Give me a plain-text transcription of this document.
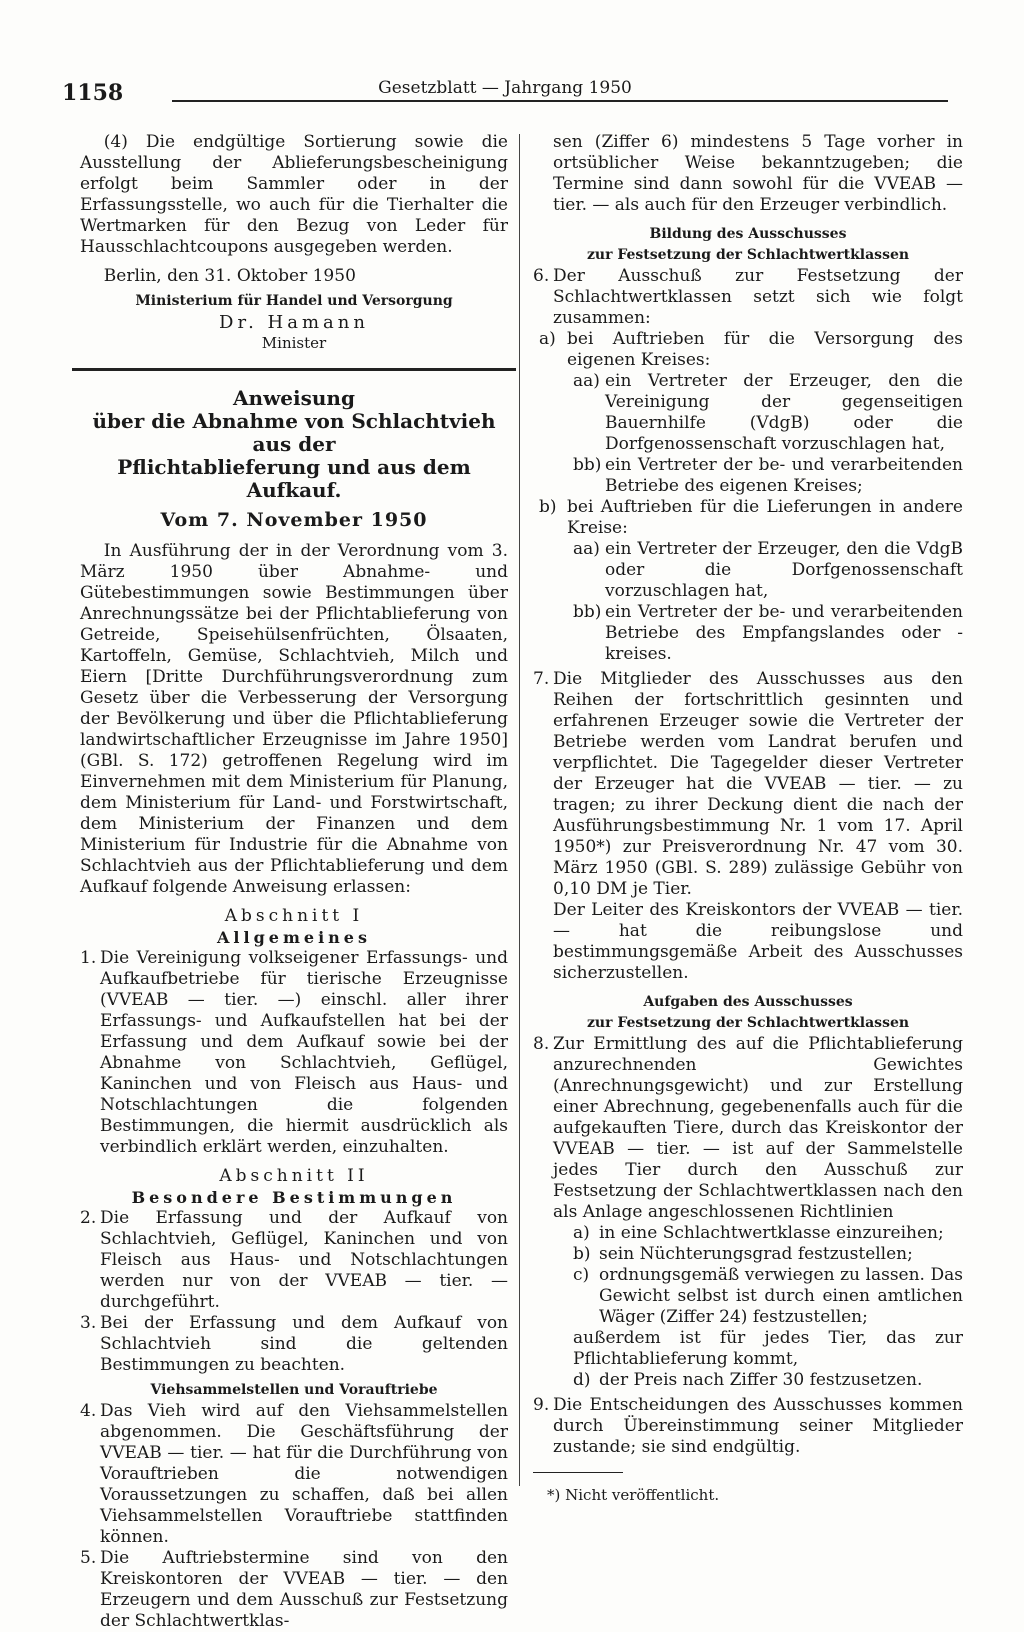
1158	Gesetzblatt — Jahrgang 1950

(4) Die endgültige Sortierung sowie die Ausstellung der Ablieferungsbescheinigung erfolgt beim Sammler oder in der Erfassungsstelle, wo auch für die Tierhalter die Wertmarken für den Bezug von Leder für Hausschlachtcoupons ausgegeben werden.

Berlin, den 31. Oktober 1950

Ministerium für Handel und Versorgung
Dr. Hamann
Minister
Anweisung
über die Abnahme von Schlachtvieh aus der
Pflichtablieferung und aus dem Aufkauf.
Vom 7. November 1950

In Ausführung der in der Verordnung vom 3. März 1950 über Abnahme- und Gütebestimmungen sowie Bestimmungen über Anrechnungssätze bei der Pflichtablieferung von Getreide, Speisehülsenfrüchten, Ölsaaten, Kartoffeln, Gemüse, Schlachtvieh, Milch und Eiern [Dritte Durchführungsverordnung zum Gesetz über die Verbesserung der Versorgung der Bevölkerung und über die Pflichtablieferung landwirtschaftlicher Erzeugnisse im Jahre 1950] (GBl. S. 172) getroffenen Regelung wird im Einvernehmen mit dem Ministerium für Planung, dem Ministerium für Land- und Forstwirtschaft, dem Ministerium der Finanzen und dem Ministerium für Industrie für die Abnahme von Schlachtvieh aus der Pflichtablieferung und dem Aufkauf folgende Anweisung erlassen:

Abschnitt I
Allgemeines
1. Die Vereinigung volkseigener Erfassungs- und Aufkaufbetriebe für tierische Erzeugnisse (VVEAB — tier. —) einschl. aller ihrer Erfassungs- und Aufkaufstellen hat bei der Erfassung und dem Aufkauf sowie bei der Abnahme von Schlachtvieh, Geflügel, Kaninchen und von Fleisch aus Haus- und Notschlachtungen die folgenden Bestimmungen, die hiermit ausdrücklich als verbindlich erklärt werden, einzuhalten.
Abschnitt II
Besondere Bestimmungen
2. Die Erfassung und der Aufkauf von Schlachtvieh, Geflügel, Kaninchen und von Fleisch aus Haus- und Notschlachtungen werden nur von der VVEAB — tier. — durchgeführt.
3. Bei der Erfassung und dem Aufkauf von Schlachtvieh sind die geltenden Bestimmungen zu beachten.
Viehsammelstellen und Vorauftriebe
4. Das Vieh wird auf den Viehsammelstellen abgenommen. Die Geschäftsführung der VVEAB — tier. — hat für die Durchführung von Vorauftrieben die notwendigen Voraussetzungen zu schaffen, daß bei allen Viehsammelstellen Vorauftriebe stattfinden können.
5. Die Auftriebstermine sind von den Kreiskontoren der VVEAB — tier. — den Erzeugern und dem Ausschuß zur Festsetzung der Schlachtwertklas-

sen (Ziffer 6) mindestens 5 Tage vorher in ortsüblicher Weise bekanntzugeben; die Termine sind dann sowohl für die VVEAB — tier. — als auch für den Erzeuger verbindlich.

Bildung des Ausschusses
zur Festsetzung der Schlachtwertklassen
6. Der Ausschuß zur Festsetzung der Schlachtwertklassen setzt sich wie folgt zusammen:
a) bei Auftrieben für die Versorgung des eigenen Kreises:
aa) ein Vertreter der Erzeuger, den die Vereinigung der gegenseitigen Bauernhilfe (VdgB) oder die Dorfgenossenschaft vorzuschlagen hat,
bb) ein Vertreter der be- und verarbeitenden Betriebe des eigenen Kreises;
b) bei Auftrieben für die Lieferungen in andere Kreise:
aa) ein Vertreter der Erzeuger, den die VdgB oder die Dorfgenossenschaft vorzuschlagen hat,
bb) ein Vertreter der be- und verarbeitenden Betriebe des Empfangslandes oder -kreises.
7. Die Mitglieder des Ausschusses aus den Reihen der fortschrittlich gesinnten und erfahrenen Erzeuger sowie die Vertreter der Betriebe werden vom Landrat berufen und verpflichtet. Die Tagegelder dieser Vertreter der Erzeuger hat die VVEAB — tier. — zu tragen; zu ihrer Deckung dient die nach der Ausführungsbestimmung Nr. 1 vom 17. April 1950*) zur Preisverordnung Nr. 47 vom 30. März 1950 (GBl. S. 289) zulässige Gebühr von 0,10 DM je Tier.

Der Leiter des Kreiskontors der VVEAB — tier. — hat die reibungslose und bestimmungsgemäße Arbeit des Ausschusses sicherzustellen.

Aufgaben des Ausschusses
zur Festsetzung der Schlachtwertklassen
8. Zur Ermittlung des auf die Pflichtablieferung anzurechnenden Gewichtes (Anrechnungsgewicht) und zur Erstellung einer Abrechnung, gegebenenfalls auch für die aufgekauften Tiere, durch das Kreiskontor der VVEAB — tier. — ist auf der Sammelstelle jedes Tier durch den Ausschuß zur Festsetzung der Schlachtwertklassen nach den als Anlage angeschlossenen Richtlinien
a) in eine Schlachtwertklasse einzureihen;
b) sein Nüchterungsgrad festzustellen;
c) ordnungsgemäß verwiegen zu lassen. Das Gewicht selbst ist durch einen amtlichen Wäger (Ziffer 24) festzustellen;

außerdem ist für jedes Tier, das zur Pflichtablieferung kommt,

d) der Preis nach Ziffer 30 festzusetzen.
9. Die Entscheidungen des Ausschusses kommen durch Übereinstimmung seiner Mitglieder zustande; sie sind endgültig.
*) Nicht veröffentlicht.
